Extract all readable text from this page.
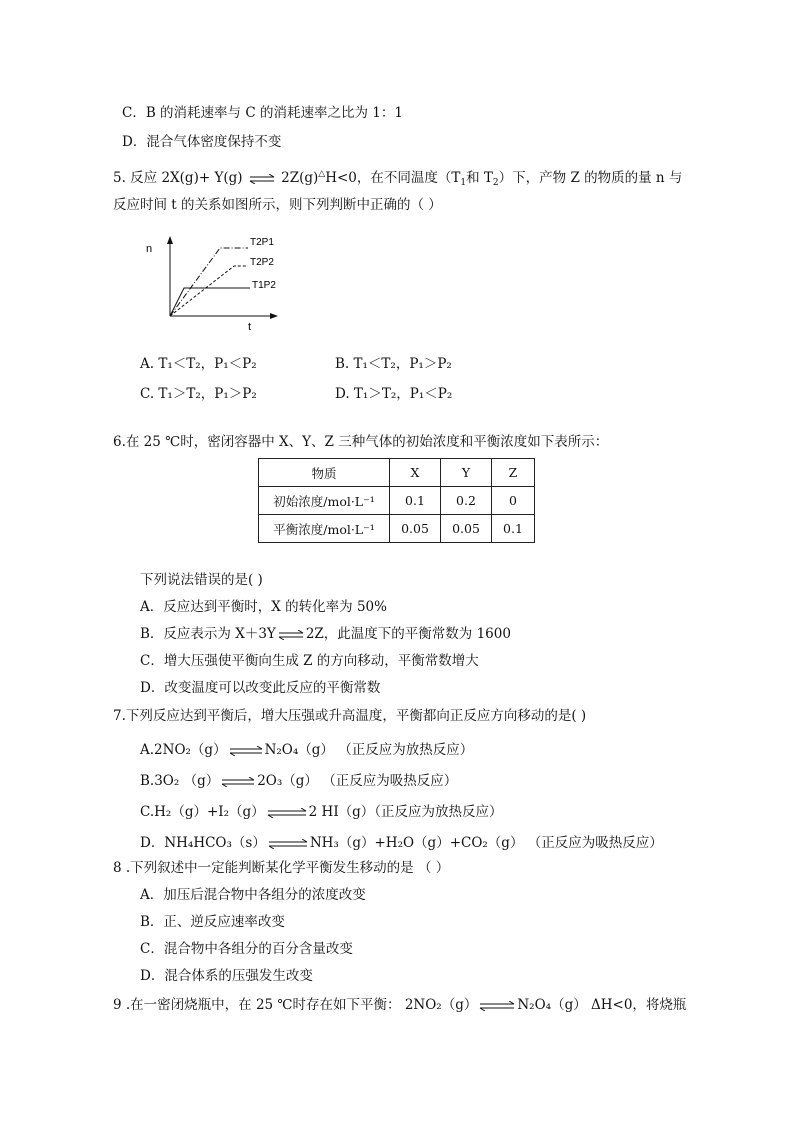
C．B 的消耗速率与 C 的消耗速率之比为 1：1
D．混合气体密度保持不变
5. 反应 2X(g)+ Y(g) ⇌ 2Z(g)△H<0，在不同温度（$T_1$和 $T_2$）下，产物 Z 的物质的量 n 与
反应时间 t 的关系如图所示，则下列判断中正确的（ ）
n
t
T2P1
T2P2
T1P2
A. T₁＜T₂，P₁＜P₂	B. T₁＜T₂，P₁＞P₂
C. T₁＞T₂，P₁＞P₂	D. T₁＞T₂，P₁＜P₂
6.在 25 ℃时，密闭容器中 X、Y、Z 三种气体的初始浓度和平衡浓度如下表所示：
物质	X	Y	Z
初始浓度/mol·L⁻¹	0.1	0.2	0
平衡浓度/mol·L⁻¹	0.05	0.05	0.1
下列说法错误的是( )
A．反应达到平衡时，X 的转化率为 50%
B．反应表示为 X＋3Y ⇌ 2Z，此温度下的平衡常数为 1600
C．增大压强使平衡向生成 Z 的方向移动，平衡常数增大
D．改变温度可以改变此反应的平衡常数
7.下列反应达到平衡后，增大压强或升高温度，平衡都向正反应方向移动的是( )
A.2NO₂（g） ⇌ N₂O₄（g） （正反应为放热反应）
B.3O₂ （g） ⇌ 2O₃（g） （正反应为吸热反应）
C.H₂（g）+I₂（g） ⇌ 2 HI（g）（正反应为放热反应）
D．NH₄HCO₃（s） ⇌ NH₃（g）+H₂O（g）+CO₂（g） （正反应为吸热反应）
8 .下列叙述中一定能判断某化学平衡发生移动的是 （ ）
A．加压后混合物中各组分的浓度改变
B．正、逆反应速率改变
C．混合物中各组分的百分含量改变
D．混合体系的压强发生改变
9 .在一密闭烧瓶中，在 25 ℃时存在如下平衡： 2NO₂（g） ⇌ N₂O₄（g） ΔH<0，将烧瓶
